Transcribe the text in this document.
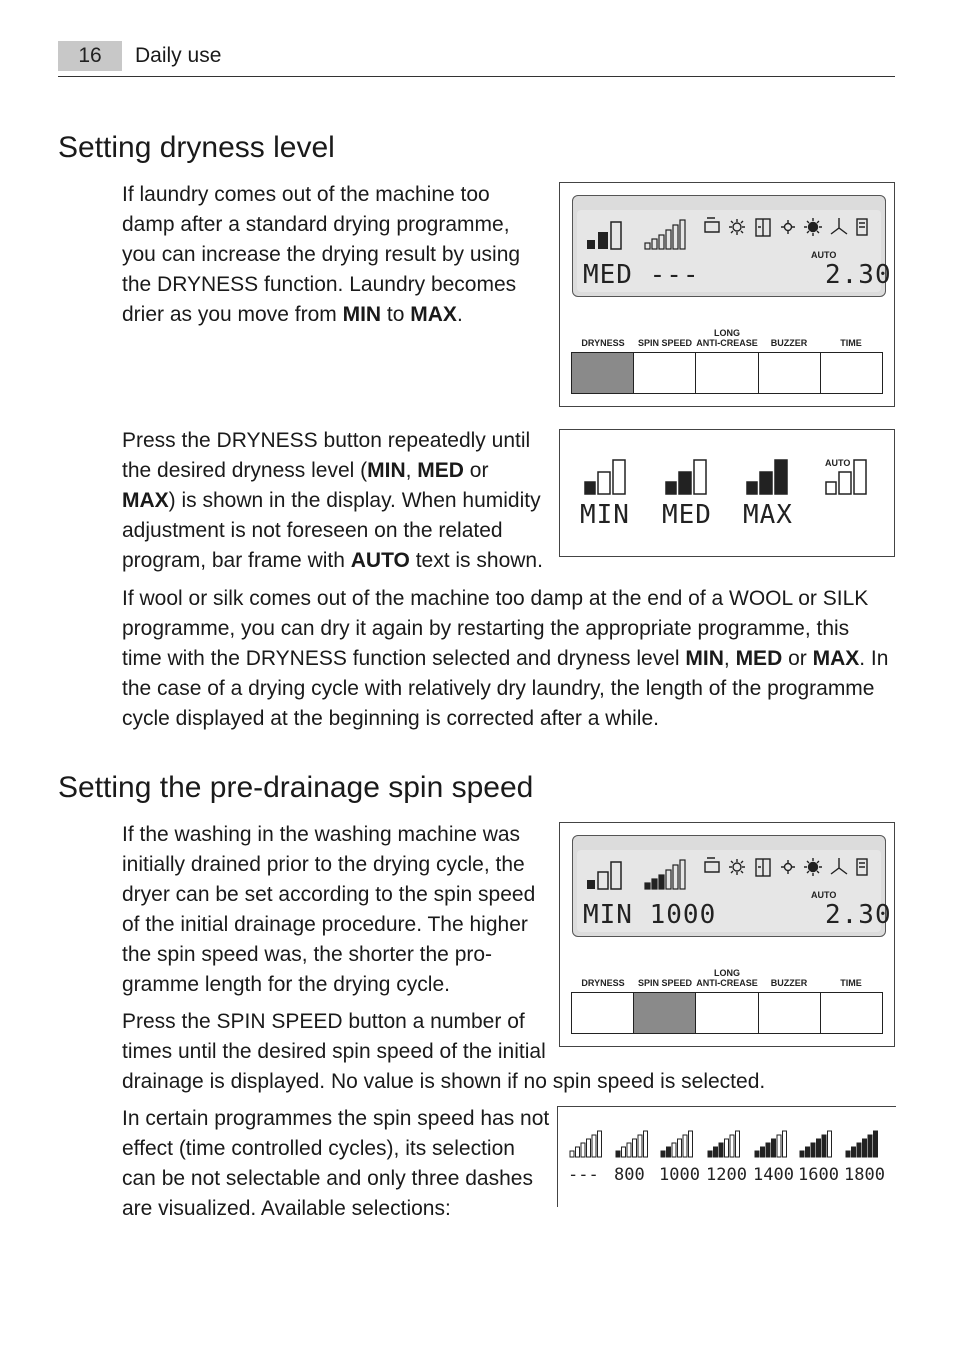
16	Daily use
Setting dryness level
If laundry comes out of the machine too
damp after a standard drying programme,
you can increase the drying result by using
the DRYNESS function. Laundry becomes
drier as you move from MIN to MAX.
AUTO
MED ---	2.30
DRYNESS	SPIN SPEED
LONG
ANTI-CREASE	BUZZER	TIME
Press the DRYNESS button repeatedly until
the desired dryness level (MIN, MED or
MAX) is shown in the display. When humidity
adjustment is not foreseen on the related
program, bar frame with AUTO text is shown.
AUTO
MIN MED MAX
If wool or silk comes out of the machine too damp at the end of a WOOL or SILK
programme, you can dry it again by restarting the appropriate programme, this
time with the DRYNESS function selected and dryness level MIN, MED or MAX. In
the case of a drying cycle with relatively dry laundry, the length of the programme
cycle displayed at the beginning is corrected after a while.
Setting the pre-drainage spin speed
If the washing in the washing machine was
initially drained prior to the drying cycle, the
dryer can be set according to the spin speed
of the initial drainage procedure. The higher
the spin speed was, the shorter the pro-
gramme length for the drying cycle.
Press the SPIN SPEED button a number of
times until the desired spin speed of the initial
drainage is displayed. No value is shown if no spin speed is selected.
AUTO
MIN 1000	2.30
DRYNESS	SPIN SPEED
LONG
ANTI-CREASE	BUZZER	TIME
In certain programmes the spin speed has not
effect (time controlled cycles), its selection
can be not selectable and only three dashes
are visualized. Available selections:
--- 800 1000 1200 1400 1600 1800
